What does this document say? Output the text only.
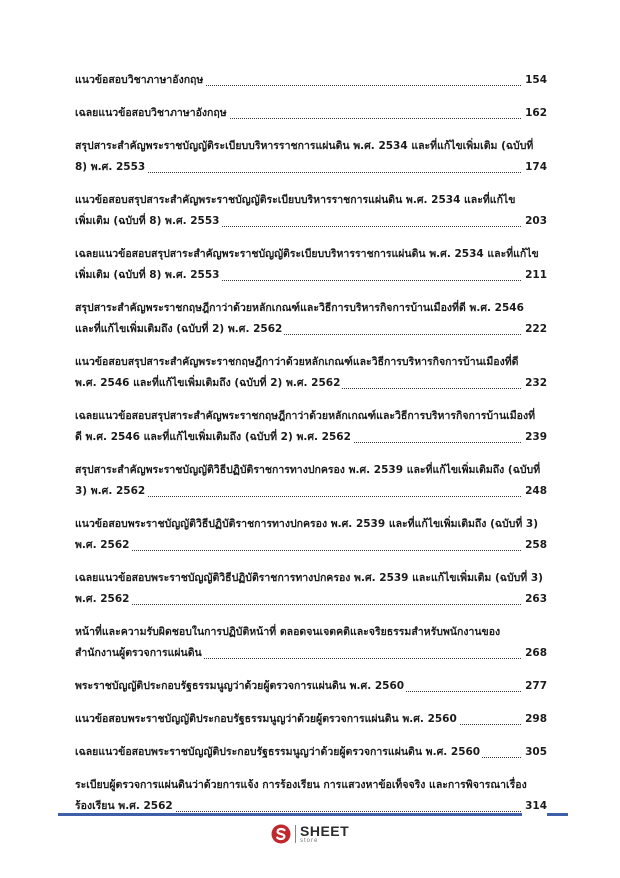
แนวข้อสอบวิชาภาษาอังกฤษ	154
เฉลยแนวข้อสอบวิชาภาษาอังกฤษ	162
สรุปสาระสำคัญพระราชบัญญัติระเบียบบริหารราชการแผ่นดิน พ.ศ. 2534 และที่แก้ไขเพิ่มเติม (ฉบับที่
8) พ.ศ. 2553	174
แนวข้อสอบสรุปสาระสำคัญพระราชบัญญัติระเบียบบริหารราชการแผ่นดิน พ.ศ. 2534 และที่แก้ไข
เพิ่มเติม (ฉบับที่ 8) พ.ศ. 2553	203
เฉลยแนวข้อสอบสรุปสาระสำคัญพระราชบัญญัติระเบียบบริหารราชการแผ่นดิน พ.ศ. 2534 และที่แก้ไข
เพิ่มเติม (ฉบับที่ 8) พ.ศ. 2553	211
สรุปสาระสำคัญพระราชกฤษฎีกาว่าด้วยหลักเกณฑ์และวิธีการบริหารกิจการบ้านเมืองที่ดี พ.ศ. 2546
และที่แก้ไขเพิ่มเติมถึง (ฉบับที่ 2) พ.ศ. 2562	222
แนวข้อสอบสรุปสาระสำคัญพระราชกฤษฎีกาว่าด้วยหลักเกณฑ์และวิธีการบริหารกิจการบ้านเมืองที่ดี
พ.ศ. 2546 และที่แก้ไขเพิ่มเติมถึง (ฉบับที่ 2) พ.ศ. 2562	232
เฉลยแนวข้อสอบสรุปสาระสำคัญพระราชกฤษฎีกาว่าด้วยหลักเกณฑ์และวิธีการบริหารกิจการบ้านเมืองที่
ดี พ.ศ. 2546 และที่แก้ไขเพิ่มเติมถึง (ฉบับที่ 2) พ.ศ. 2562	239
สรุปสาระสำคัญพระราชบัญญัติวิธีปฏิบัติราชการทางปกครอง พ.ศ. 2539 และที่แก้ไขเพิ่มเติมถึง (ฉบับที่
3) พ.ศ. 2562	248
แนวข้อสอบพระราชบัญญัติวิธีปฏิบัติราชการทางปกครอง พ.ศ. 2539 และที่แก้ไขเพิ่มเติมถึง (ฉบับที่ 3)
พ.ศ. 2562	258
เฉลยแนวข้อสอบพระราชบัญญัติวิธีปฏิบัติราชการทางปกครอง พ.ศ. 2539 และแก้ไขเพิ่มเติม (ฉบับที่ 3)
พ.ศ. 2562	263
หน้าที่และความรับผิดชอบในการปฏิบัติหน้าที่ ตลอดจนเจตคติและจริยธรรมสำหรับพนักงานของ
สำนักงานผู้ตรวจการแผ่นดิน	268
พระราชบัญญัติประกอบรัฐธรรมนูญว่าด้วยผู้ตรวจการแผ่นดิน พ.ศ. 2560	277
แนวข้อสอบพระราชบัญญัติประกอบรัฐธรรมนูญว่าด้วยผู้ตรวจการแผ่นดิน พ.ศ. 2560	298
เฉลยแนวข้อสอบพระราชบัญญัติประกอบรัฐธรรมนูญว่าด้วยผู้ตรวจการแผ่นดิน พ.ศ. 2560	305
ระเบียบผู้ตรวจการแผ่นดินว่าด้วยการแจ้ง การร้องเรียน การแสวงหาข้อเท็จจริง และการพิจารณาเรื่อง
ร้องเรียน พ.ศ. 2562	314
SHEET
store
